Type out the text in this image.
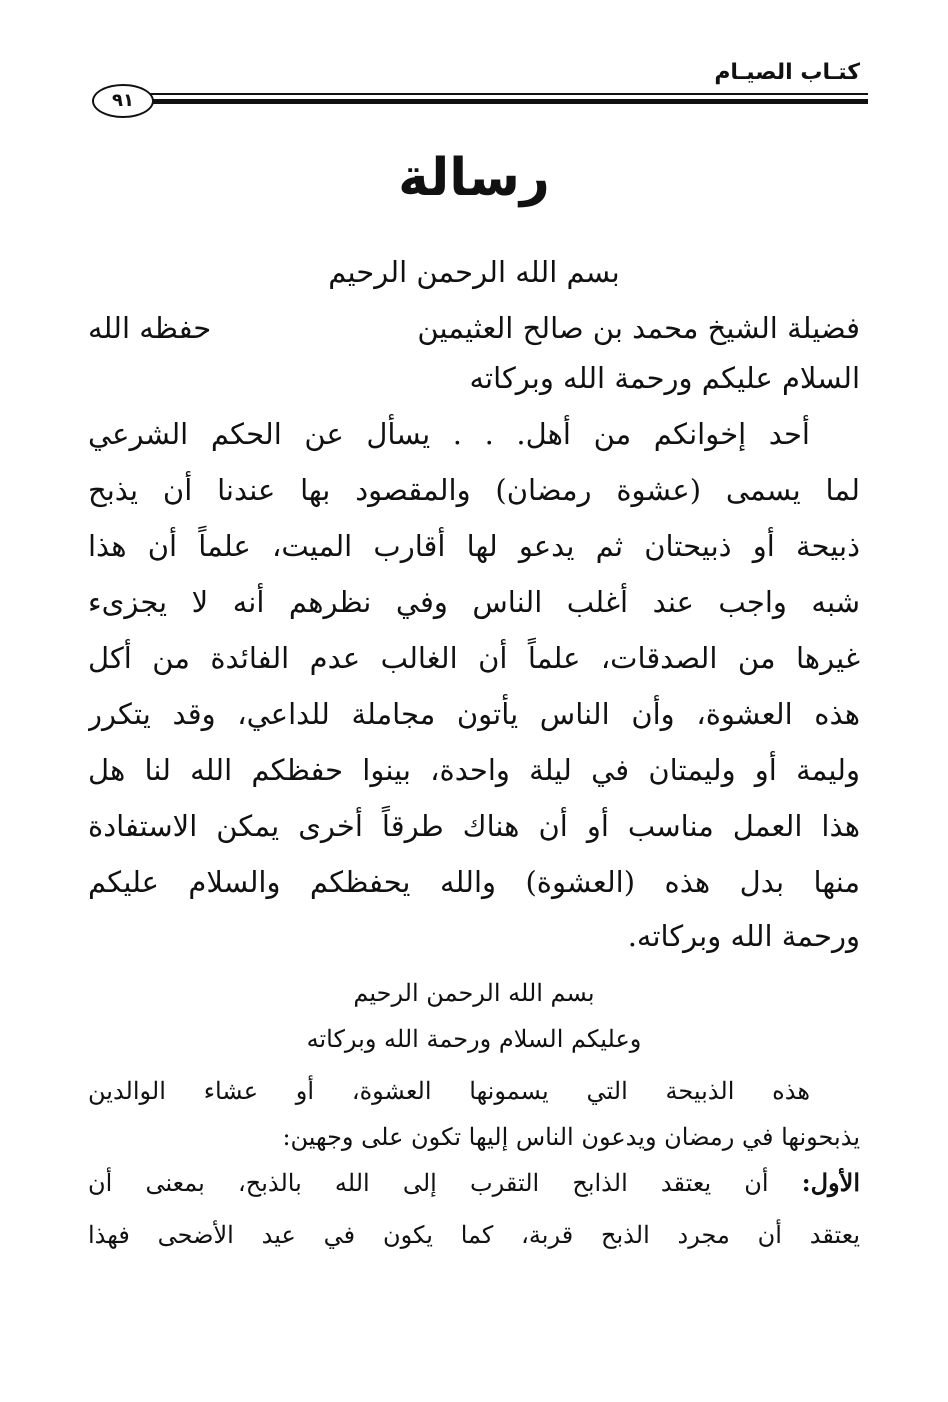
كتـاب الصيـام
٩١
رسالة
بسم الله الرحمن الرحيم
فضيلة الشيخ محمد بن صالح العثيمين
حفظه الله
السلام عليكم ورحمة الله وبركاته
أحد إخوانكم من أهل. . . يسأل عن الحكم الشرعي
لما يسمى (عشوة رمضان) والمقصود بها عندنا أن يذبح
ذبيحة أو ذبيحتان ثم يدعو لها أقارب الميت، علماً أن هذا
شبه واجب عند أغلب الناس وفي نظرهم أنه لا يجزىء
غيرها من الصدقات، علماً أن الغالب عدم الفائدة من أكل
هذه العشوة، وأن الناس يأتون مجاملة للداعي، وقد يتكرر
وليمة أو وليمتان في ليلة واحدة، بينوا حفظكم الله لنا هل
هذا العمل مناسب أو أن هناك طرقاً أخرى يمكن الاستفادة
منها بدل هذه (العشوة) والله يحفظكم والسلام عليكم
ورحمة الله وبركاته.
بسم الله الرحمن الرحيم
وعليكم السلام ورحمة الله وبركاته
هذه الذبيحة التي يسمونها العشوة، أو عشاء الوالدين
يذبحونها في رمضان ويدعون الناس إليها تكون على وجهين:
الأول: أن يعتقد الذابح التقرب إلى الله بالذبح، بمعنى أن
يعتقد أن مجرد الذبح قربة، كما يكون في عيد الأضحى فهذا
